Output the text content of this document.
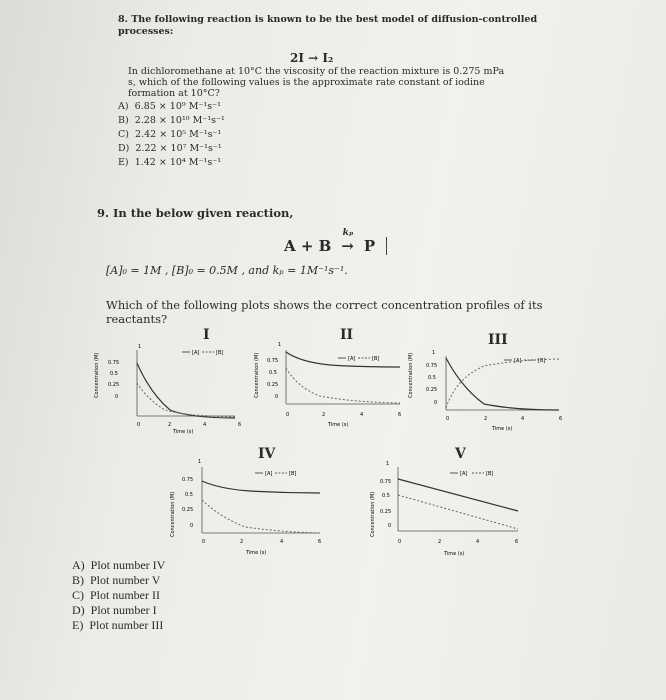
8. The following reaction is known to be the best model of diffusion-controlled
processes:
2I → I₂
In dichloromethane at 10°C the viscosity of the reaction mixture is 0.275 mPa
s, which of the following values is the approximate rate constant of iodine
formation at 10°C?
A) 6.85 × 10⁹ M⁻¹s⁻¹
B) 2.28 × 10¹⁰ M⁻¹s⁻¹
C) 2.42 × 10⁵ M⁻¹s⁻¹
D) 2.22 × 10⁷ M⁻¹s⁻¹
E) 1.42 × 10⁴ M⁻¹s⁻¹
9. In the below given reaction,
A + B
kₚ
→ P
[A]₀ = 1M , [B]₀ = 0.5M , and kₚ = 1M⁻¹s⁻¹.
Which of the following plots shows the correct concentration profiles of its
reactants?
I
Concentration (M)
1
0.75
0.5
0.25
0
[A]	[B]
0	2	4	6
Time (s)
II
Concentration (M)
1
0.75
0.5
0.25
0
[A]	[B]
0	2	4	6
Time (s)
III
Concentration (M)	1
0.75
0.5
0.25
0
[A]	[B]
0	2	4	6
Time (s)
IV
Concentration (M)
1
0.75
0.5
0.25
0
[A]	[B]
0	2	4	6
Time (s)
V
Concentration (M)
1
0.75
0.5
0.25
0
[A]	[B]
0	2	4	6
Time (s)
A) Plot number IV
B) Plot number V
C) Plot number II
D) Plot number I
E) Plot number III
